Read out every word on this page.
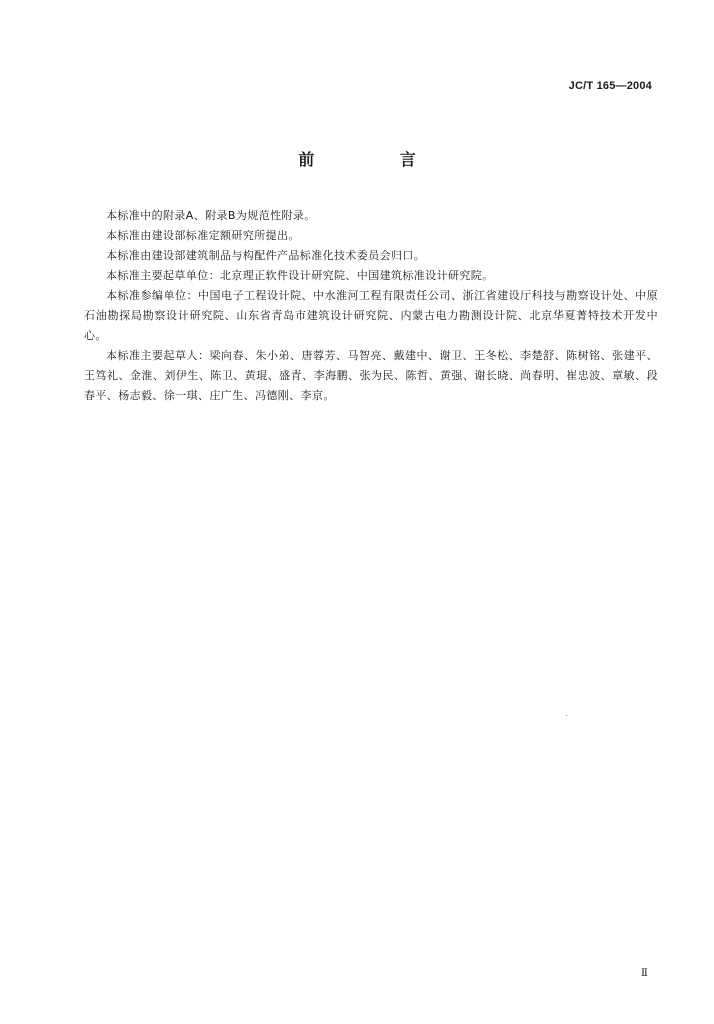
JC/T 165—2004
前 言

本标准中的附录A、附录B为规范性附录。

本标准由建设部标准定额研究所提出。

本标准由建设部建筑制品与构配件产品标准化技术委员会归口。

本标准主要起草单位：北京理正软件设计研究院、中国建筑标准设计研究院。

本标准参编单位：中国电子工程设计院、中水淮河工程有限责任公司、浙江省建设厅科技与勘察设计处、中原石油勘探局勘察设计研究院、山东省青岛市建筑设计研究院、内蒙古电力勘测设计院、北京华夏菁特技术开发中心。

本标准主要起草人：梁向春、朱小弟、唐蓉芳、马智亮、戴建中、谢卫、王冬松、李楚舒、陈树铭、张建平、王笃礼、金淮、刘伊生、陈卫、黄琨、盛青、李海鹏、张为民、陈哲、黄强、谢长晓、尚春明、崔忠波、章敏、段春平、杨志毅、徐一琪、庄广生、冯德刚、李京。

Ⅱ
